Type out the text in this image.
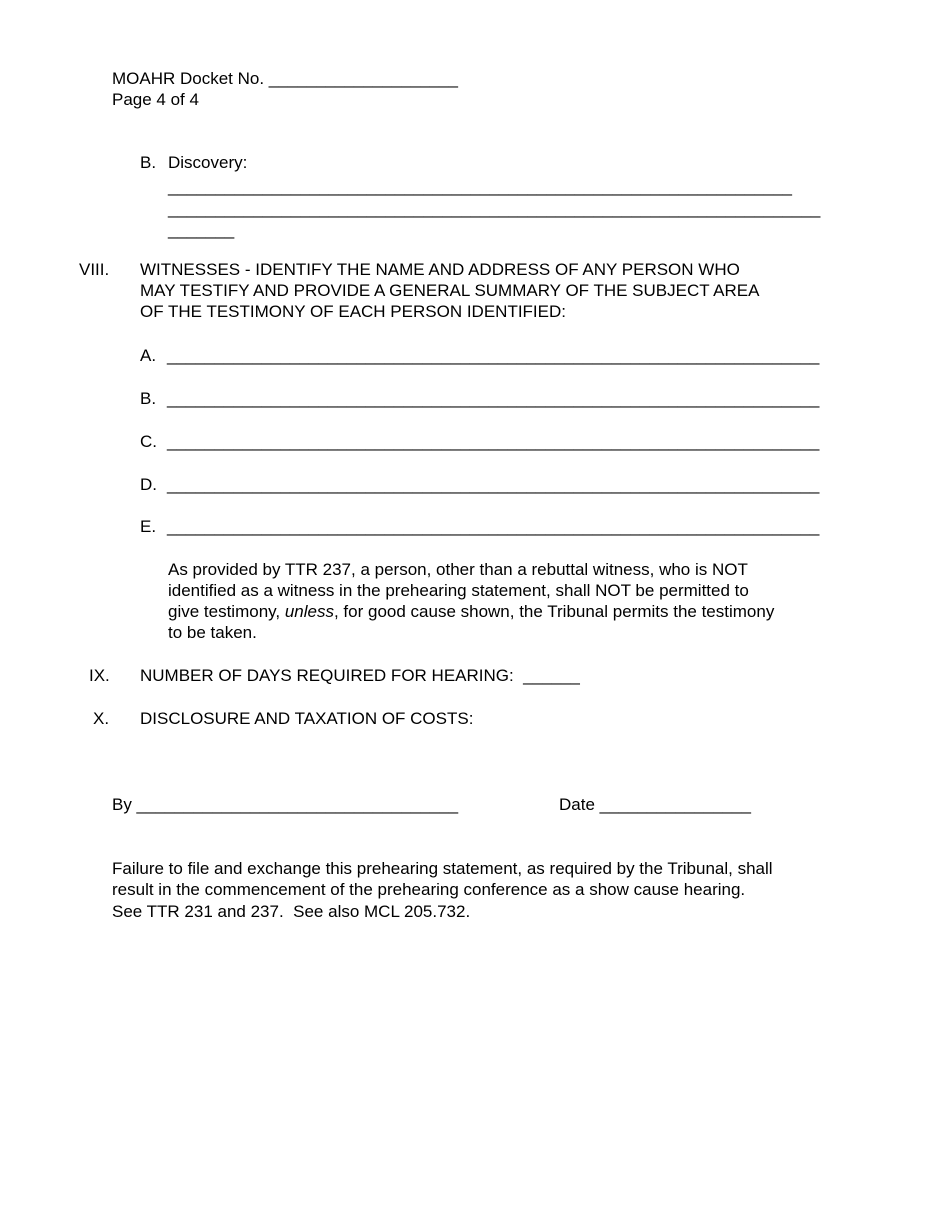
MOAHR Docket No. ____________________
Page 4 of 4
B. Discovery:
__________________________________________________________________
_____________________________________________________________________
_______
VIII. WITNESSES - IDENTIFY THE NAME AND ADDRESS OF ANY PERSON WHO
MAY TESTIFY AND PROVIDE A GENERAL SUMMARY OF THE SUBJECT AREA
OF THE TESTIMONY OF EACH PERSON IDENTIFIED:
A. _____________________________________________________________________
B. _____________________________________________________________________
C. _____________________________________________________________________
D. _____________________________________________________________________
E. _____________________________________________________________________
As provided by TTR 237, a person, other than a rebuttal witness, who is NOT
identified as a witness in the prehearing statement, shall NOT be permitted to
give testimony, unless, for good cause shown, the Tribunal permits the testimony
to be taken.
IX. NUMBER OF DAYS REQUIRED FOR HEARING:  ______
X. DISCLOSURE AND TAXATION OF COSTS:
By __________________________________	Date ________________
Failure to file and exchange this prehearing statement, as required by the Tribunal, shall
result in the commencement of the prehearing conference as a show cause hearing.
See TTR 231 and 237.  See also MCL 205.732.
